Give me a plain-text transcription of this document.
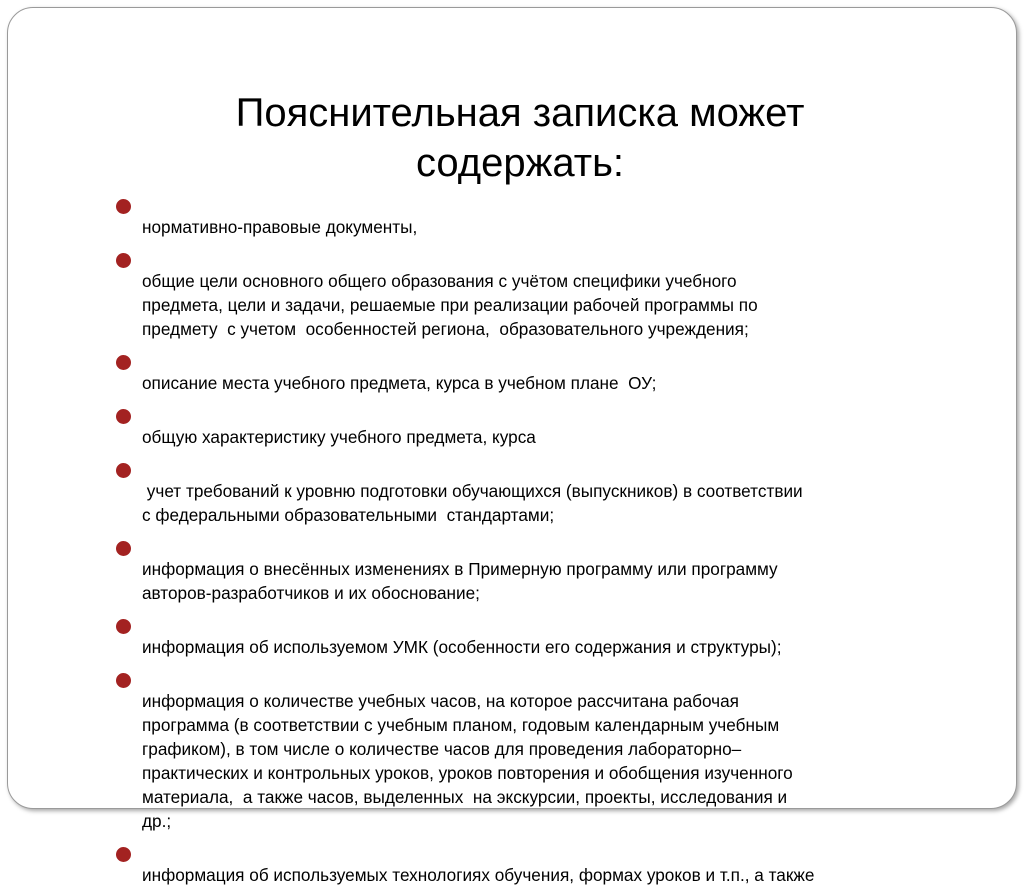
Пояснительная записка может
содержать:
нормативно-правовые документы,
общие цели основного общего образования с учётом специфики учебного
предмета, цели и задачи, решаемые при реализации рабочей программы по
предмету  с учетом  особенностей региона,  образовательного учреждения;
описание места учебного предмета, курса в учебном плане  ОУ;
общую характеристику учебного предмета, курса
учет требований к уровню подготовки обучающихся (выпускников) в соответствии
с федеральными образовательными  стандартами;
информация о внесённых изменениях в Примерную программу или программу
авторов-разработчиков и их обоснование;
информация об используемом УМК (особенности его содержания и структуры);
информация о количестве учебных часов, на которое рассчитана рабочая
программа (в соответствии с учебным планом, годовым календарным учебным
графиком), в том числе о количестве часов для проведения лабораторно–
практических и контрольных уроков, уроков повторения и обобщения изученного
материала,  а также часов, выделенных  на экскурсии, проекты, исследования и
др.;
информация об используемых технологиях обучения, формах уроков и т.п., а также
